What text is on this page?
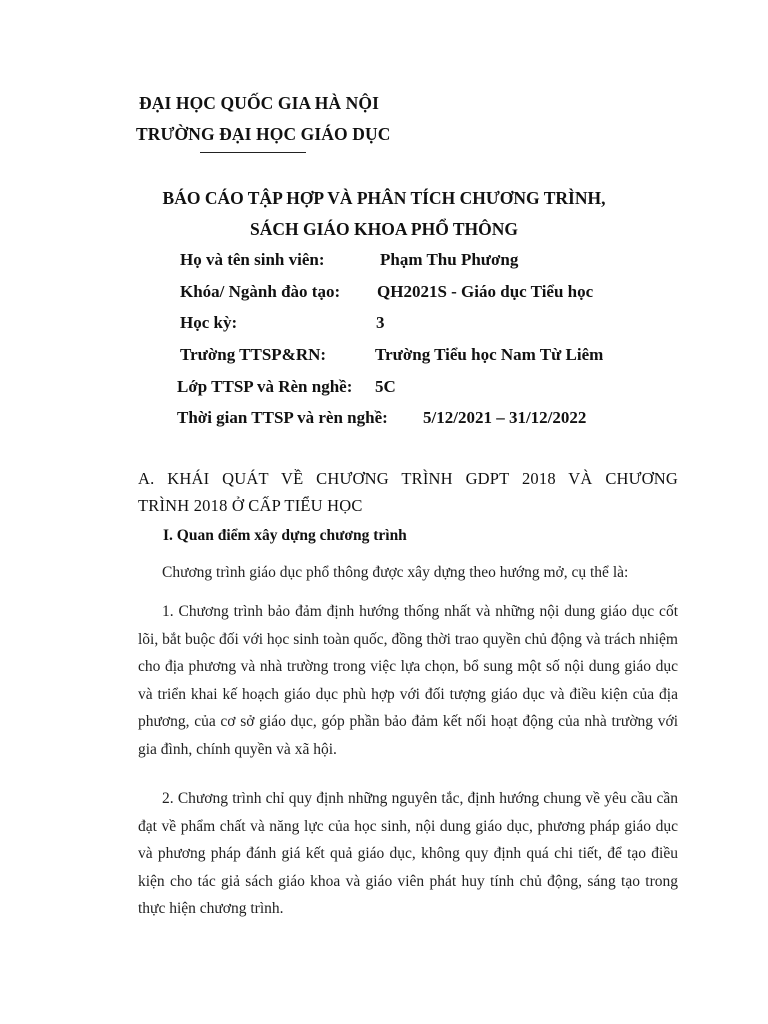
ĐẠI HỌC QUỐC GIA HÀ NỘI
TRƯỜNG ĐẠI HỌC GIÁO DỤC
BÁO CÁO TẬP HỢP VÀ PHÂN TÍCH CHƯƠNG TRÌNH,
SÁCH GIÁO KHOA PHỔ THÔNG
Họ và tên sinh viên:	Phạm Thu Phương
Khóa/ Ngành đào tạo: QH2021S - Giáo dục Tiểu học
Học kỳ:	3
Trường TTSP&RN:	Trường Tiểu học Nam Từ Liêm
Lớp TTSP và Rèn nghề: 5C
Thời gian TTSP và rèn nghề: 5/12/2021 – 31/12/2022
A. KHÁI QUÁT VỀ CHƯƠNG TRÌNH GDPT 2018 VÀ CHƯƠNG
TRÌNH 2018 Ở CẤP TIỂU HỌC
I. Quan điểm xây dựng chương trình
Chương trình giáo dục phổ thông được xây dựng theo hướng mở, cụ thể là:
1. Chương trình bảo đảm định hướng thống nhất và những nội dung giáo dục cốt lõi, bắt buộc đối với học sinh toàn quốc, đồng thời trao quyền chủ động và trách nhiệm cho địa phương và nhà trường trong việc lựa chọn, bổ sung một số nội dung giáo dục và triển khai kế hoạch giáo dục phù hợp với đối tượng giáo dục và điều kiện của địa phương, của cơ sở giáo dục, góp phần bảo đảm kết nối hoạt động của nhà trường với gia đình, chính quyền và xã hội.
2. Chương trình chỉ quy định những nguyên tắc, định hướng chung về yêu cầu cần đạt về phẩm chất và năng lực của học sinh, nội dung giáo dục, phương pháp giáo dục và phương pháp đánh giá kết quả giáo dục, không quy định quá chi tiết, để tạo điều kiện cho tác giả sách giáo khoa và giáo viên phát huy tính chủ động, sáng tạo trong thực hiện chương trình.
